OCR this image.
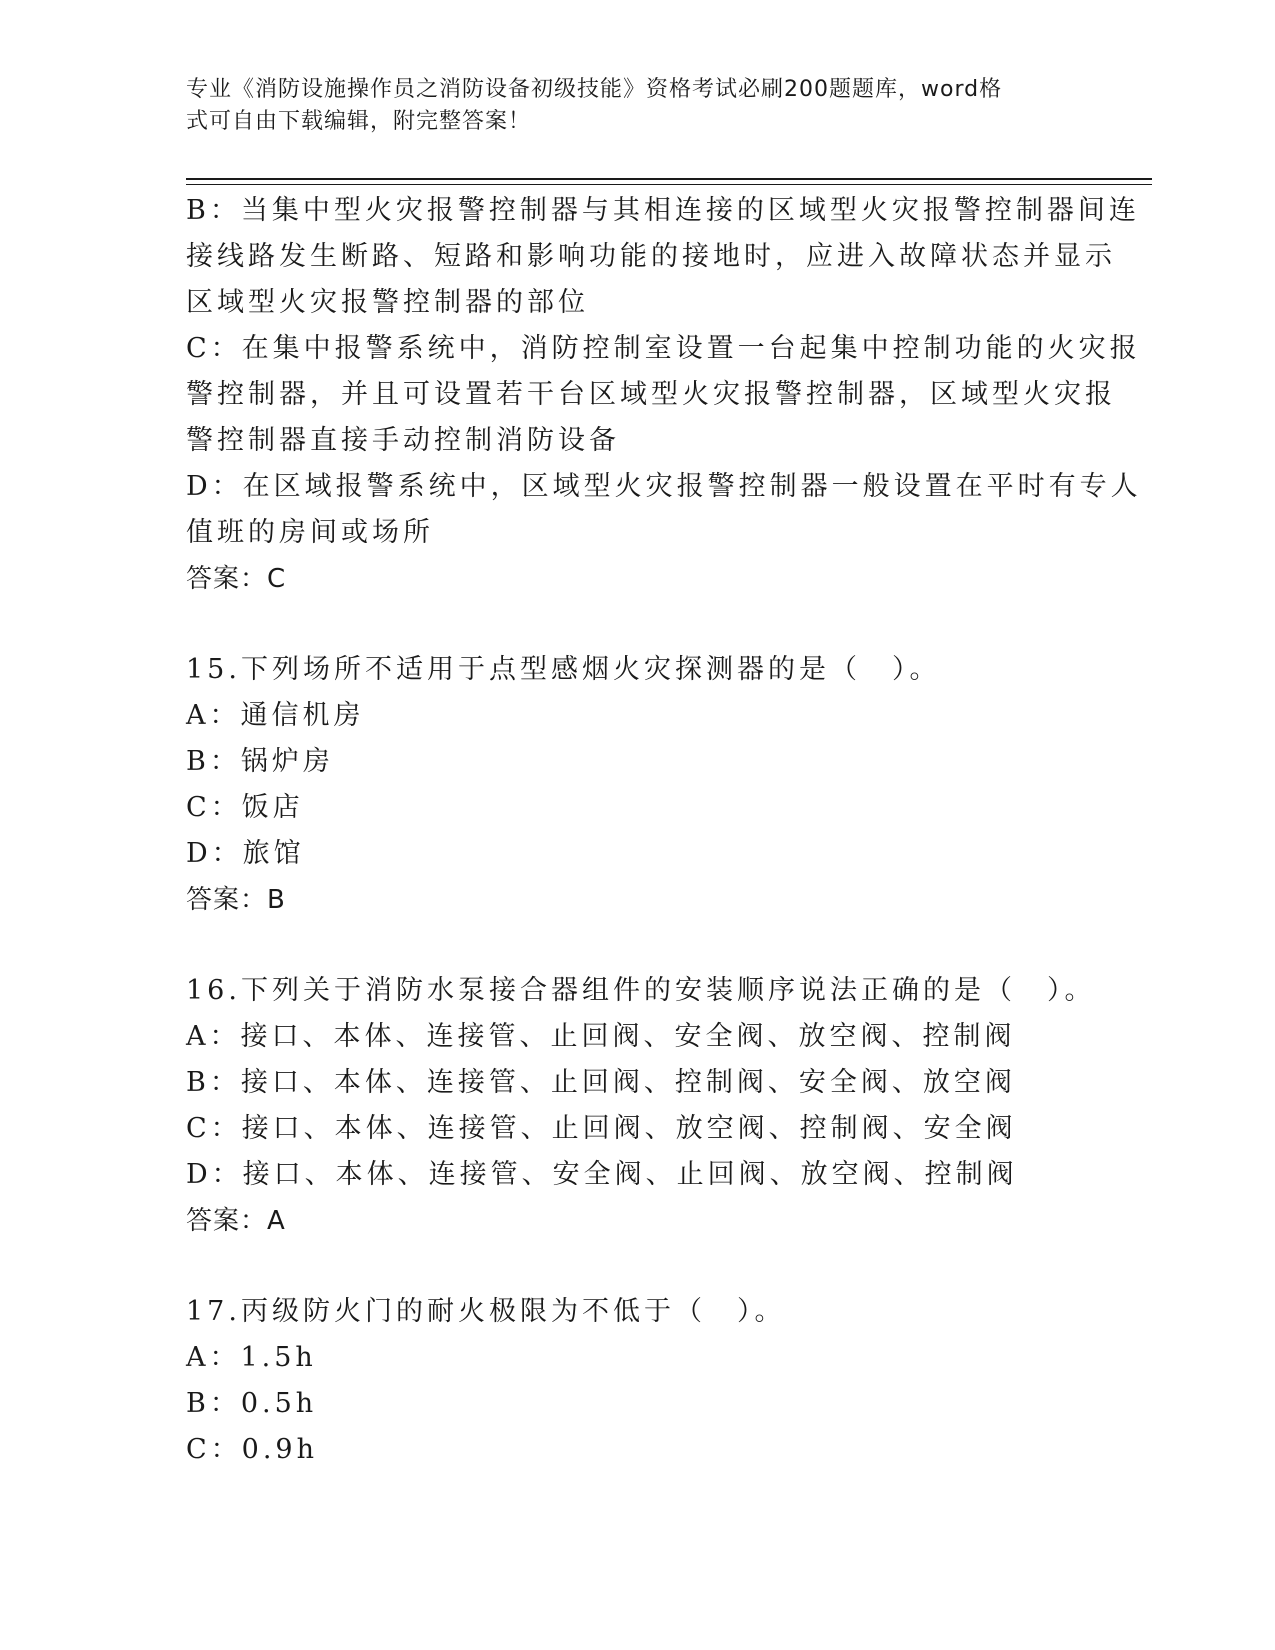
专业《消防设施操作员之消防设备初级技能》资格考试必刷200题题库，word格
式可自由下载编辑，附完整答案！
B：当集中型火灾报警控制器与其相连接的区域型火灾报警控制器间连
接线路发生断路、短路和影响功能的接地时，应进入故障状态并显示
区域型火灾报警控制器的部位
C：在集中报警系统中，消防控制室设置一台起集中控制功能的火灾报
警控制器，并且可设置若干台区域型火灾报警控制器，区域型火灾报
警控制器直接手动控制消防设备
D：在区域报警系统中，区域型火灾报警控制器一般设置在平时有专人
值班的房间或场所
答案：C
15.下列场所不适用于点型感烟火灾探测器的是（　）。
A：通信机房
B：锅炉房
C：饭店
D：旅馆
答案：B
16.下列关于消防水泵接合器组件的安装顺序说法正确的是（　）。
A：接口、本体、连接管、止回阀、安全阀、放空阀、控制阀
B：接口、本体、连接管、止回阀、控制阀、安全阀、放空阀
C：接口、本体、连接管、止回阀、放空阀、控制阀、安全阀
D：接口、本体、连接管、安全阀、止回阀、放空阀、控制阀
答案：A
17.丙级防火门的耐火极限为不低于（　）。
A：1.5h
B：0.5h
C：0.9h
